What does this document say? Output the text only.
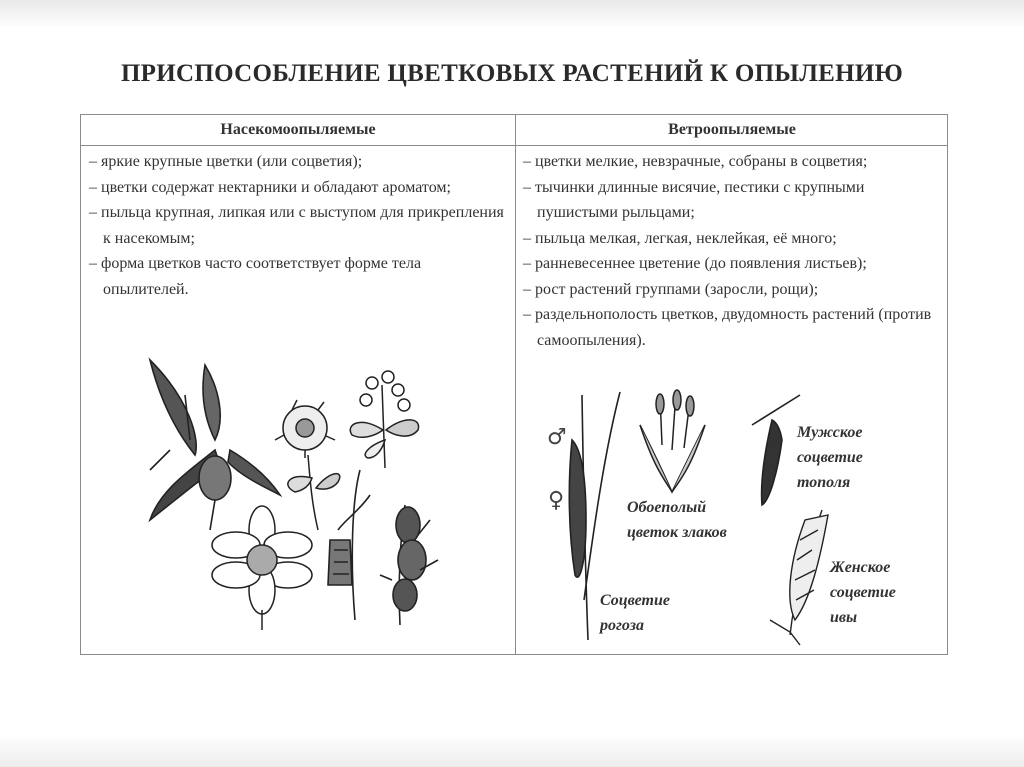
ПРИСПОСОБЛЕНИЕ ЦВЕТКОВЫХ РАСТЕНИЙ К ОПЫЛЕНИЮ
Насекомоопыляемые	Ветроопыляемые
– яркие крупные цветки (или соцветия);
– цветки содержат нектарники и обладают ароматом;
– пыльца крупная, липкая или с выступом для прикрепления к насекомым;
– форма цветков часто соответствует форме тела опылителей.
– цветки мелкие, невзрачные, собраны в соцветия;
– тычинки длинные висячие, пестики с крупными пушистыми рыльцами;
– пыльца мелкая, легкая, неклейкая, её много;
– ранневесеннее цветение (до появления листьев);
– рост растений группами (заросли, рощи);
– раздельнополость цветков, двудомность растений (против самоопыления).
♂
♀	Обоеполый цветок злаков
Мужское соцветие тополя
Женское соцветие ивы
Соцветие рогоза
